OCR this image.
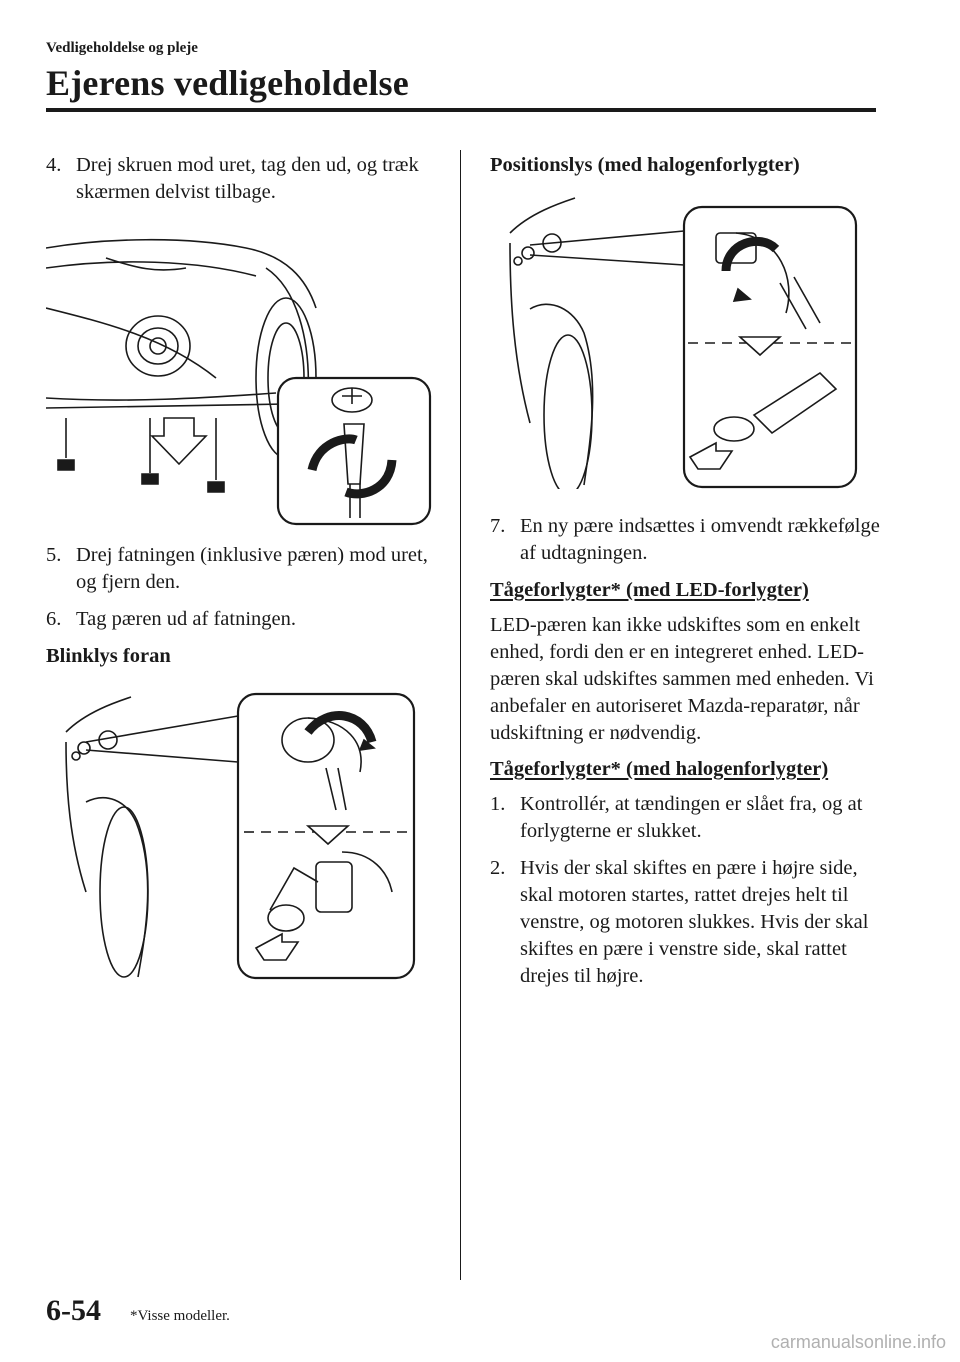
Vedligeholdelse og pleje
Ejerens vedligeholdelse
4. Drej skruen mod uret, tag den ud, og træk skærmen delvist tilbage.
5. Drej fatningen (inklusive pæren) mod uret, og fjern den.
6. Tag pæren ud af fatningen.
Blinklys foran
Positionslys (med halogenforlygter)
7. En ny pære indsættes i omvendt rækkefølge af udtagningen.
Tågeforlygter* (med LED-forlygter)
LED-pæren kan ikke udskiftes som en enkelt enhed, fordi den er en integreret enhed. LED-pæren skal udskiftes sammen med enheden. Vi anbefaler en autoriseret Mazda-reparatør, når udskiftning er nødvendig.
Tågeforlygter* (med halogenforlygter)
1. Kontrollér, at tændingen er slået fra, og at forlygterne er slukket.
2. Hvis der skal skiftes en pære i højre side, skal motoren startes, rattet drejes helt til venstre, og motoren slukkes. Hvis der skal skiftes en pære i venstre side, skal rattet drejes til højre.
6-54 *Visse modeller.
carmanualsonline.info
